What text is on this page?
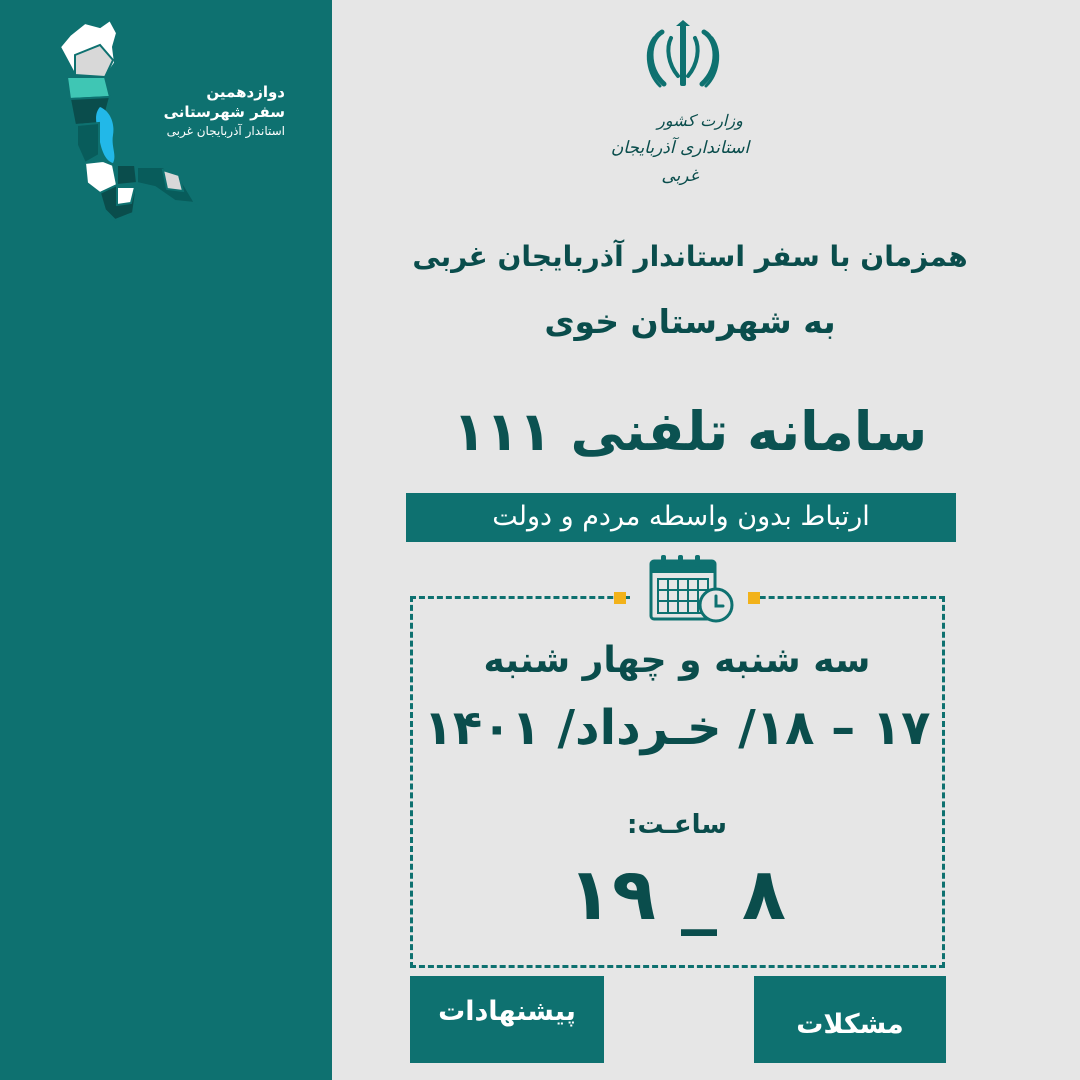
دوازدهمین
سفر شهرستانی
استاندار آذربایجان غربی
وزارت کشور
استانداری آذربایجان غربی
همزمان با سفر استاندار آذربایجان غربی
به شهرستان خوی
سامانه تلفنی ۱۱۱
ارتباط بدون واسطه مردم و دولت
سه شنبه و چهار شنبه
۱۷ – ۱۸/ خـرداد/ ۱۴۰۱
ساعـت:
۸ _ ۱۹
پیشنهادات	مشکلات
